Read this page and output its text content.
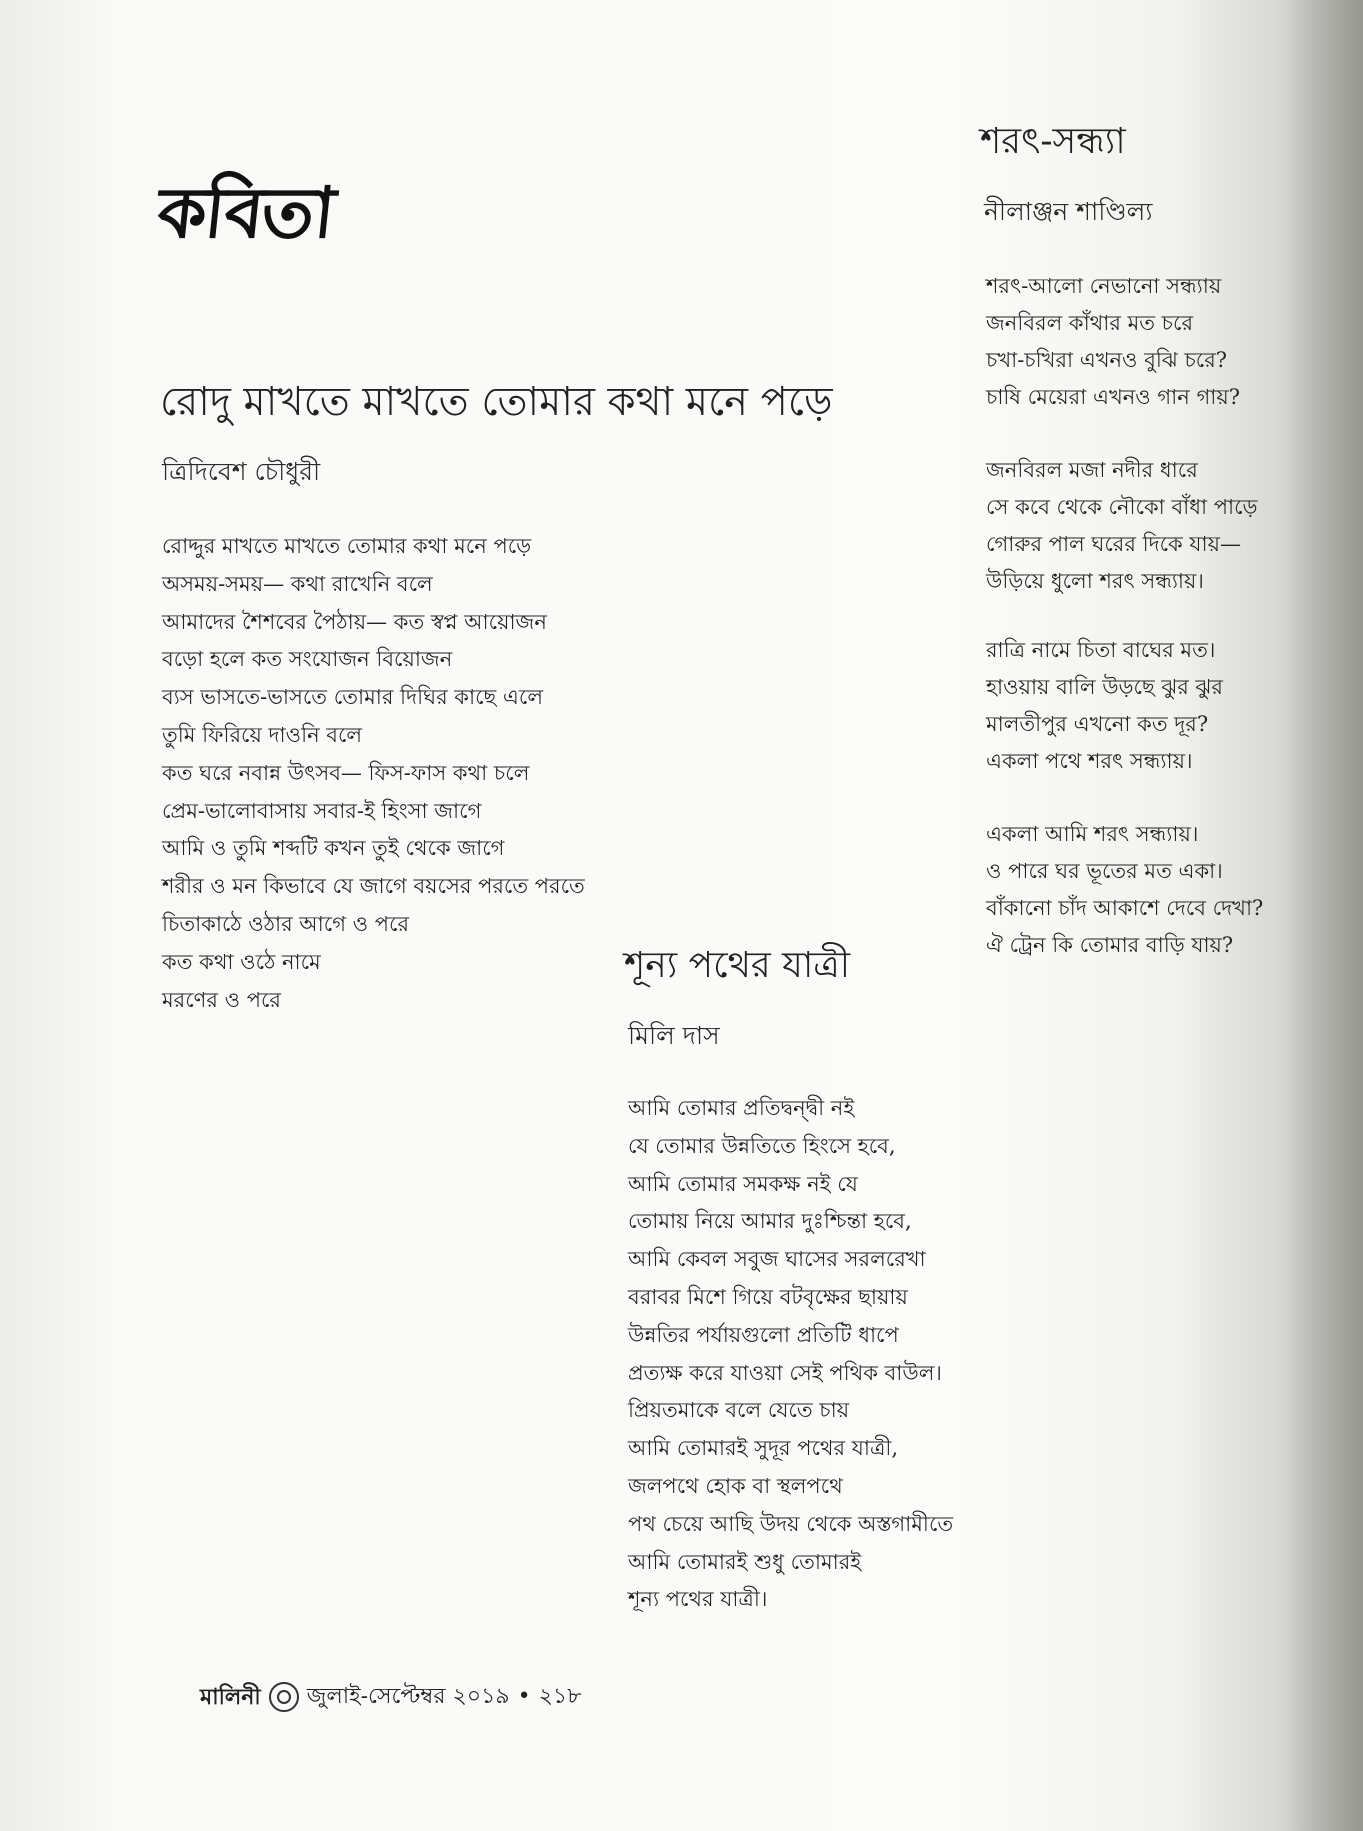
কবিতা
রোদু মাখতে মাখতে তোমার কথা মনে পড়ে
ত্রিদিবেশ চৌধুরী
রোদ্দুর মাখতে মাখতে তোমার কথা মনে পড়ে
অসময়-সময়— কথা রাখেনি বলে
আমাদের শৈশবের পৈঠায়— কত স্বপ্ন আয়োজন
বড়ো হলে কত সংযোজন বিয়োজন
ব্যস ভাসতে-ভাসতে তোমার দিঘির কাছে এলে
তুমি ফিরিয়ে দাওনি বলে
কত ঘরে নবান্ন উৎসব— ফিস-ফাস কথা চলে
প্রেম-ভালোবাসায় সবার-ই হিংসা জাগে
আমি ও তুমি শব্দটি কখন তুই থেকে জাগে
শরীর ও মন কিভাবে যে জাগে বয়সের পরতে পরতে
চিতাকাঠে ওঠার আগে ও পরে
কত কথা ওঠে নামে
মরণের ও পরে
শরৎ-সন্ধ্যা
নীলাঞ্জন শাণ্ডিল্য
শরৎ-আলো নেভানো সন্ধ্যায়
জনবিরল কাঁথার মত চরে
চখা-চখিরা এখনও বুঝি চরে?
চাষি মেয়েরা এখনও গান গায়?
জনবিরল মজা নদীর ধারে
সে কবে থেকে নৌকো বাঁধা পাড়ে
গোরুর পাল ঘরের দিকে যায়—
উড়িয়ে ধুলো শরৎ সন্ধ্যায়।
রাত্রি নামে চিতা বাঘের মত।
হাওয়ায় বালি উড়ছে ঝুর ঝুর
মালতীপুর এখনো কত দূর?
একলা পথে শরৎ সন্ধ্যায়।
একলা আমি শরৎ সন্ধ্যায়।
ও পারে ঘর ভূতের মত একা।
বাঁকানো চাঁদ আকাশে দেবে দেখা?
ঐ ট্রেন কি তোমার বাড়ি যায়?
শূন্য পথের যাত্রী
মিলি দাস
আমি তোমার প্রতিদ্বন্দ্বী নই
যে তোমার উন্নতিতে হিংসে হবে,
আমি তোমার সমকক্ষ নই যে
তোমায় নিয়ে আমার দুঃশ্চিন্তা হবে,
আমি কেবল সবুজ ঘাসের সরলরেখা
বরাবর মিশে গিয়ে বটবৃক্ষের ছায়ায়
উন্নতির পর্যায়গুলো প্রতিটি ধাপে
প্রত্যক্ষ করে যাওয়া সেই পথিক বাউল।
প্রিয়তমাকে বলে যেতে চায়
আমি তোমারই সুদূর পথের যাত্রী,
জলপথে হোক বা স্থলপথে
পথ চেয়ে আছি উদয় থেকে অস্তগামীতে
আমি তোমারই শুধু তোমারই
শূন্য পথের যাত্রী।
মালিনী জুলাই-সেপ্টেম্বর ২০১৯ • ২১৮
